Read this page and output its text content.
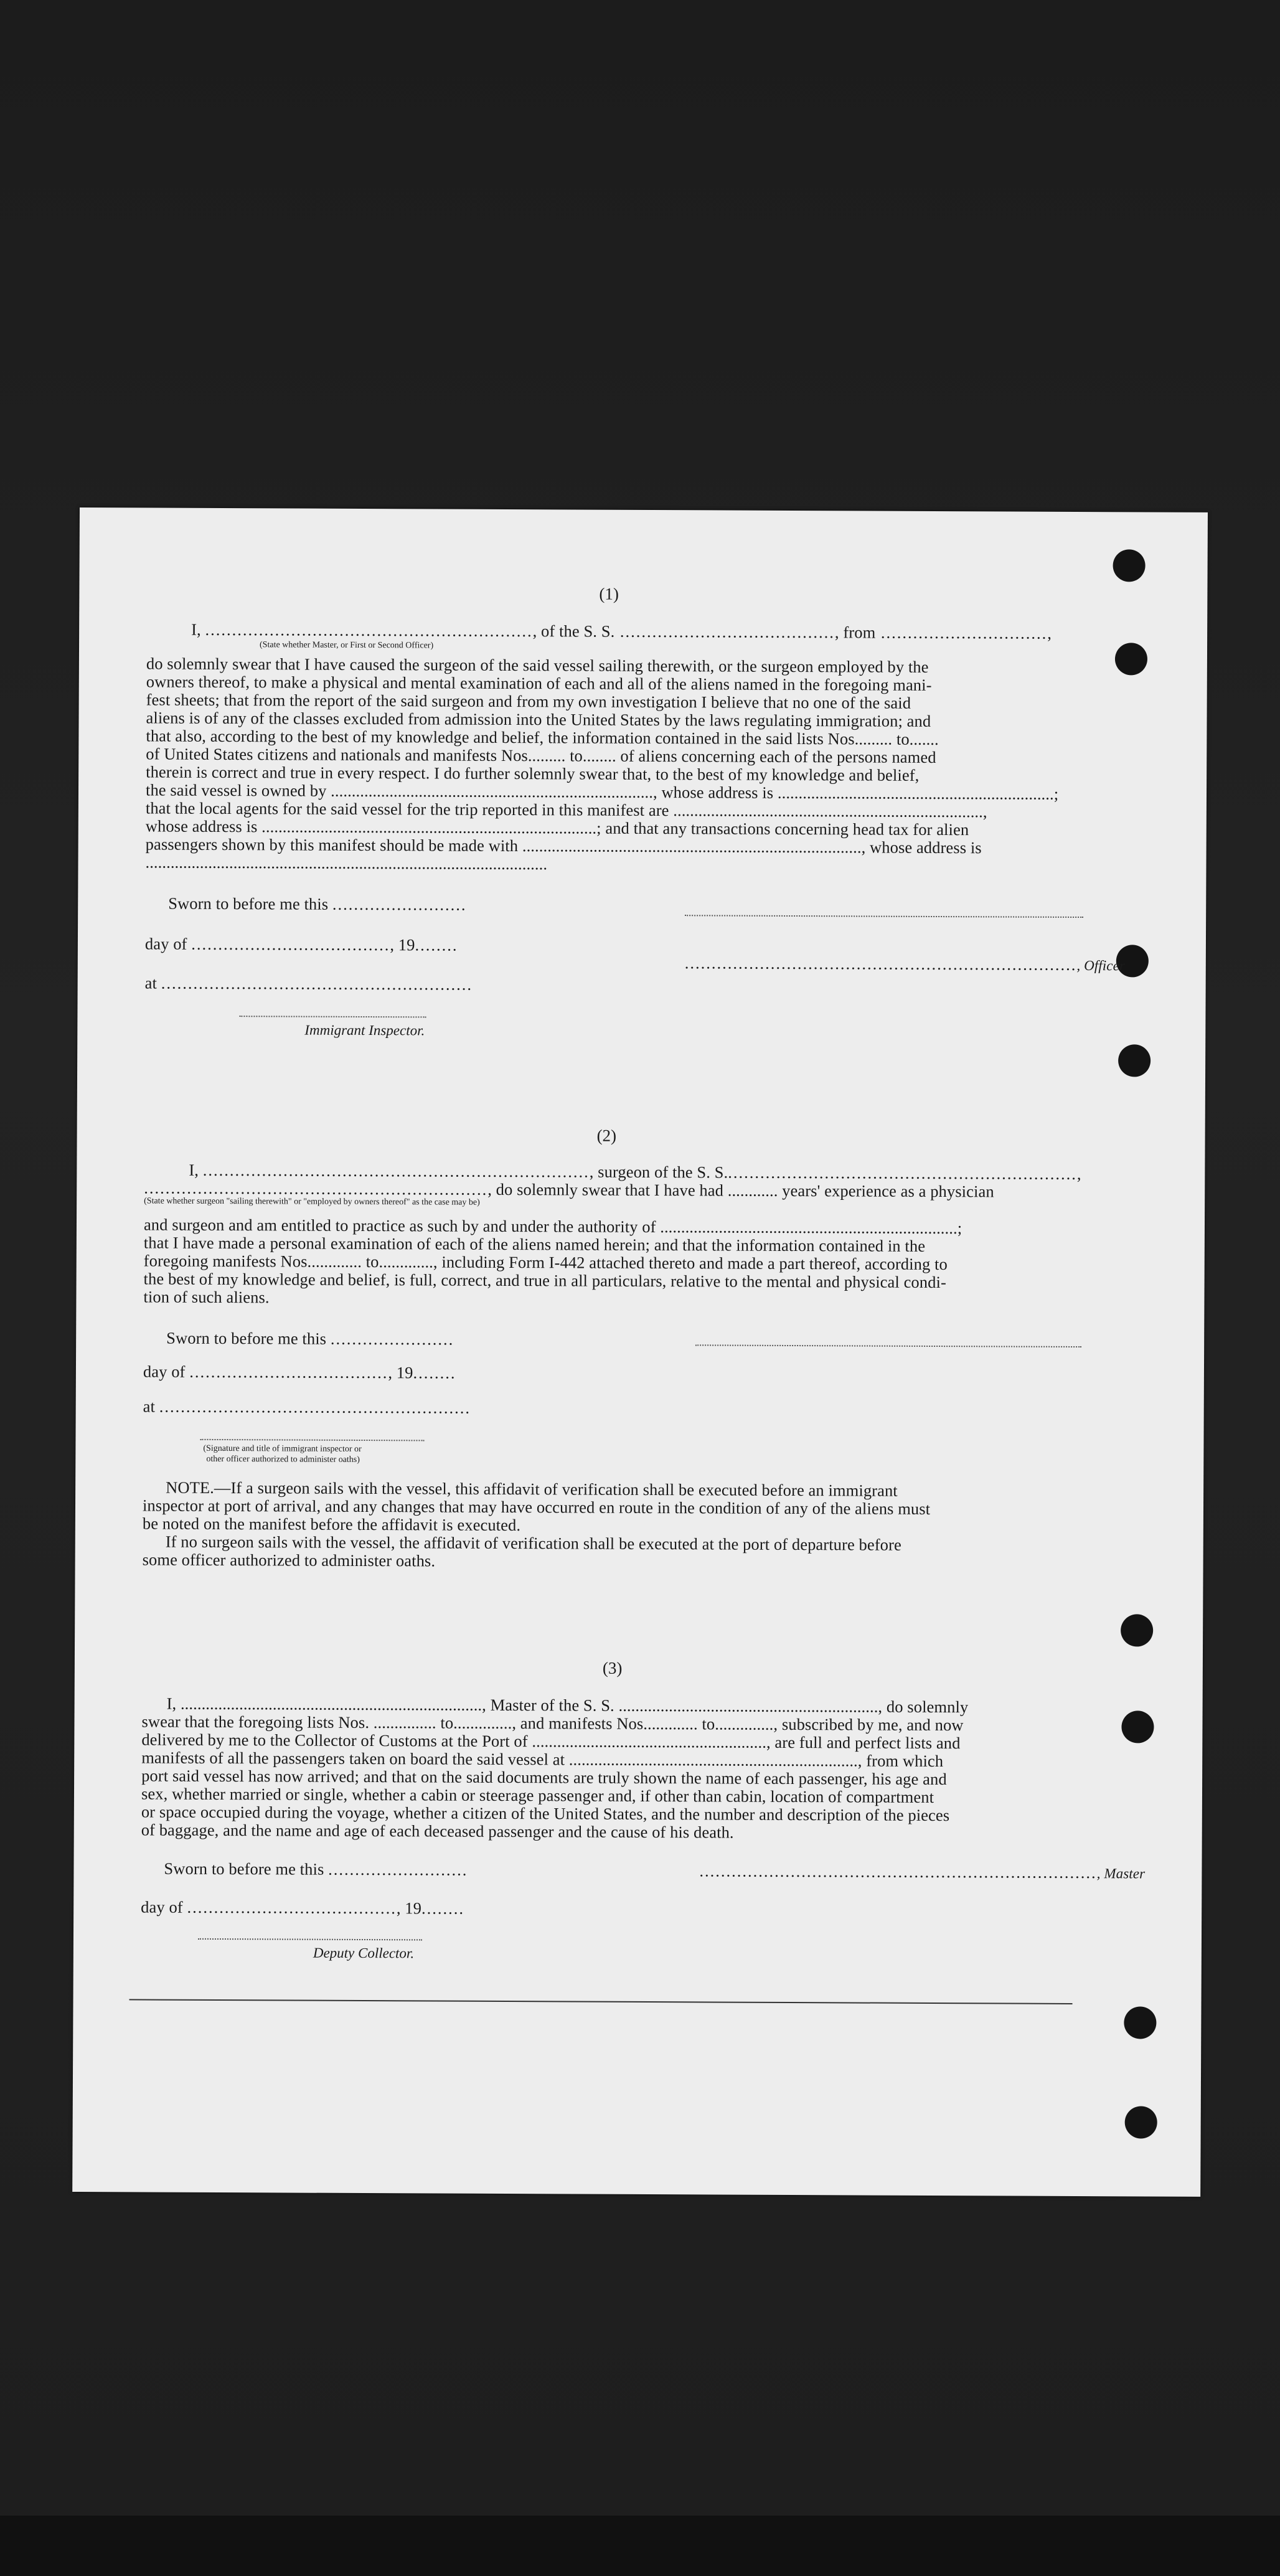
(1)
I, ............................................................., of the S. S. ........................................, from ...............................,
(State whether Master, or First or Second Officer)
do solemnly swear that I have caused the surgeon of the said vessel sailing therewith, or the surgeon employed by the
owners thereof, to make a physical and mental examination of each and all of the aliens named in the foregoing mani-
fest sheets; that from the report of the said surgeon and from my own investigation I believe that no one of the said
aliens is of any of the classes excluded from admission into the United States by the laws regulating immigration; and
that also, according to the best of my knowledge and belief, the information contained in the said lists Nos......... to.......
of United States citizens and nationals and manifests Nos......... to........ of aliens concerning each of the persons named
therein is correct and true in every respect. I do further solemnly swear that, to the best of my knowledge and belief,
the said vessel is owned by ............................................................................., whose address is ..................................................................;
that the local agents for the said vessel for the trip reported in this manifest are ..........................................................................,
whose address is ................................................................................; and that any transactions concerning head tax for alien
passengers shown by this manifest should be made with ................................................................................., whose address is
................................................................................................
Sworn to before me this .........................
day of ....................................., 19........
........................................................................., Officer
at ..........................................................
Immigrant Inspector.
(2)
I, ........................................................................, surgeon of the S. S..................................................................,
................................................................, do solemnly swear that I have had ............ years' experience as a physician
(State whether surgeon "sailing therewith" or "employed by owners thereof" as the case may be)
and surgeon and am entitled to practice as such by and under the authority of .......................................................................;
that I have made a personal examination of each of the aliens named herein; and that the information contained in the
foregoing manifests Nos............. to............., including Form I-442 attached thereto and made a part thereof, according to
the best of my knowledge and belief, is full, correct, and true in all particulars, relative to the mental and physical condi-
tion of such aliens.
Sworn to before me this .......................
day of ....................................., 19........
at ..........................................................
(Signature and title of immigrant inspector or
other officer authorized to administer oaths)
NOTE.—If a surgeon sails with the vessel, this affidavit of verification shall be executed before an immigrant
inspector at port of arrival, and any changes that may have occurred en route in the condition of any of the aliens must
be noted on the manifest before the affidavit is executed.
If no surgeon sails with the vessel, the affidavit of verification shall be executed at the port of departure before
some officer authorized to administer oaths.
(3)
I, ........................................................................, Master of the S. S. .............................................................., do solemnly
swear that the foregoing lists Nos. ............... to.............., and manifests Nos............. to.............., subscribed by me, and now
delivered by me to the Collector of Customs at the Port of ........................................................, are full and perfect lists and
manifests of all the passengers taken on board the said vessel at ....................................................................., from which
port said vessel has now arrived; and that on the said documents are truly shown the name of each passenger, his age and
sex, whether married or single, whether a cabin or steerage passenger and, if other than cabin, location of compartment
or space occupied during the voyage, whether a citizen of the United States, and the number and description of the pieces
of baggage, and the name and age of each deceased passenger and the cause of his death.
Sworn to before me this ..........................	.........................................................................., Master
day of ......................................., 19........
Deputy Collector.
